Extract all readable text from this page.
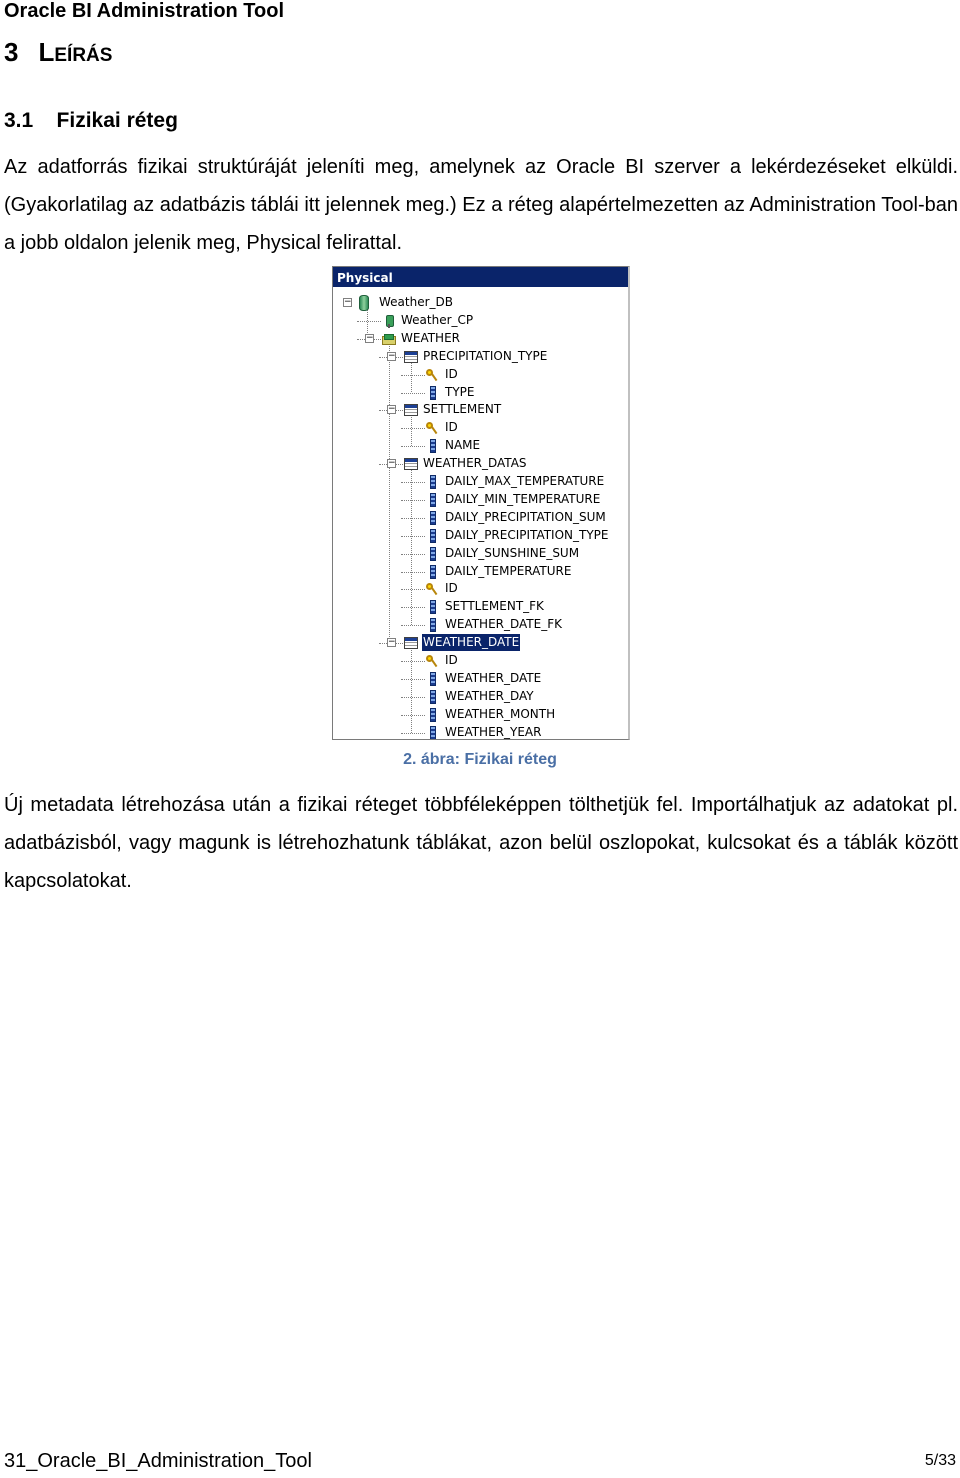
Oracle BI Administration Tool
3 LEÍRÁS
3.1 Fizikai réteg
Az adatforrás fizikai struktúráját jeleníti meg, amelynek az Oracle BI szerver a lekérdezéseket elküldi. (Gyakorlatilag az adatbázis táblái itt jelennek meg.) Ez a réteg alapértelmezetten az Administration Tool-ban a jobb oldalon jelenik meg, Physical felirattal.
Physical
− Weather_DB
Weather_CP
− WEATHER
− PRECIPITATION_TYPE
ID
TYPE
− SETTLEMENT
ID
NAME
− WEATHER_DATAS
DAILY_MAX_TEMPERATURE
DAILY_MIN_TEMPERATURE
DAILY_PRECIPITATION_SUM
DAILY_PRECIPITATION_TYPE
DAILY_SUNSHINE_SUM
DAILY_TEMPERATURE
ID
SETTLEMENT_FK
WEATHER_DATE_FK
− WEATHER_DATE
ID
WEATHER_DATE
WEATHER_DAY
WEATHER_MONTH
WEATHER_YEAR
2. ábra: Fizikai réteg
Új metadata létrehozása után a fizikai réteget többféleképpen tölthetjük fel. Importálhatjuk az adatokat pl. adatbázisból, vagy magunk is létrehozhatunk táblákat, azon belül oszlopokat, kulcsokat és a táblák között kapcsolatokat.
31_Oracle_BI_Administration_Tool	5/33
